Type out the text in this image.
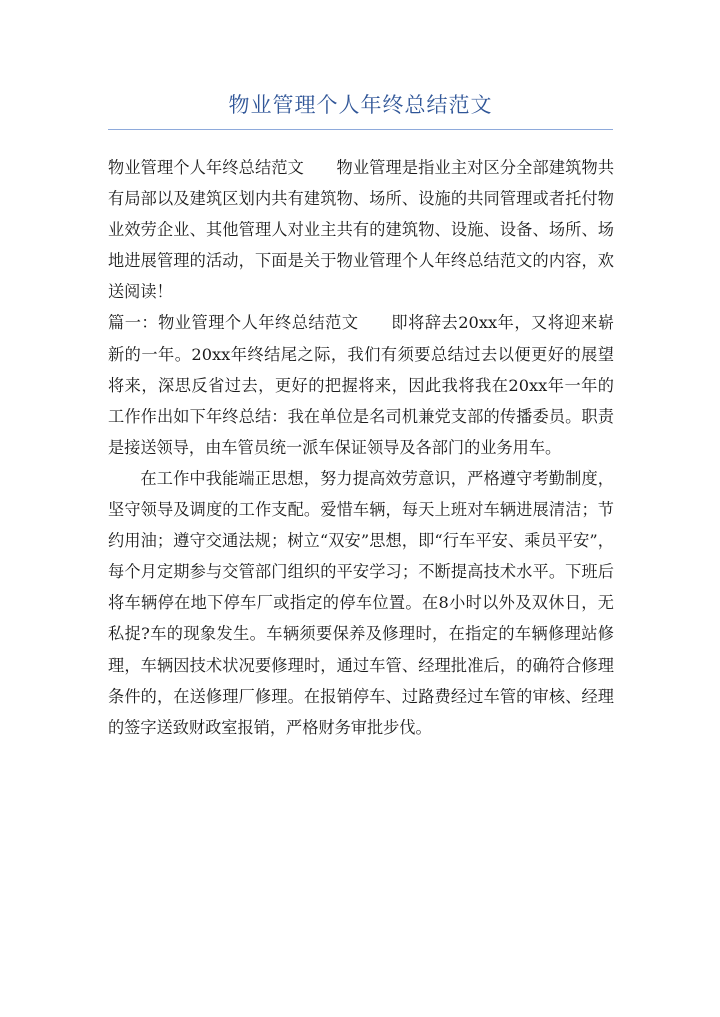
物业管理个人年终总结范文

物业管理个人年终总结范文 物业管理是指业主对区分全部建筑物共有局部以及建筑区划内共有建筑物、场所、设施的共同管理或者托付物业效劳企业、其他管理人对业主共有的建筑物、设施、设备、场所、场地进展管理的活动，下面是关于物业管理个人年终总结范文的内容，欢送阅读！

篇一：物业管理个人年终总结范文 即将辞去20xx年，又将迎来崭新的一年。20xx年终结尾之际，我们有须要总结过去以便更好的展望将来，深思反省过去，更好的把握将来，因此我将我在20xx年一年的工作作出如下年终总结：我在单位是名司机兼党支部的传播委员。职责是接送领导，由车管员统一派车保证领导及各部门的业务用车。

在工作中我能端正思想，努力提高效劳意识，严格遵守考勤制度，坚守领导及调度的工作支配。爱惜车辆，每天上班对车辆进展清洁；节约用油；遵守交通法规；树立“双安”思想，即“行车平安、乘员平安”，每个月定期参与交管部门组织的平安学习；不断提高技术水平。下班后将车辆停在地下停车厂或指定的停车位置。在8小时以外及双休日，无私捉?车的现象发生。车辆须要保养及修理时，在指定的车辆修理站修理，车辆因技术状况要修理时，通过车管、经理批准后，的确符合修理条件的，在送修理厂修理。在报销停车、过路费经过车管的审核、经理的签字送致财政室报销，严格财务审批步伐。
